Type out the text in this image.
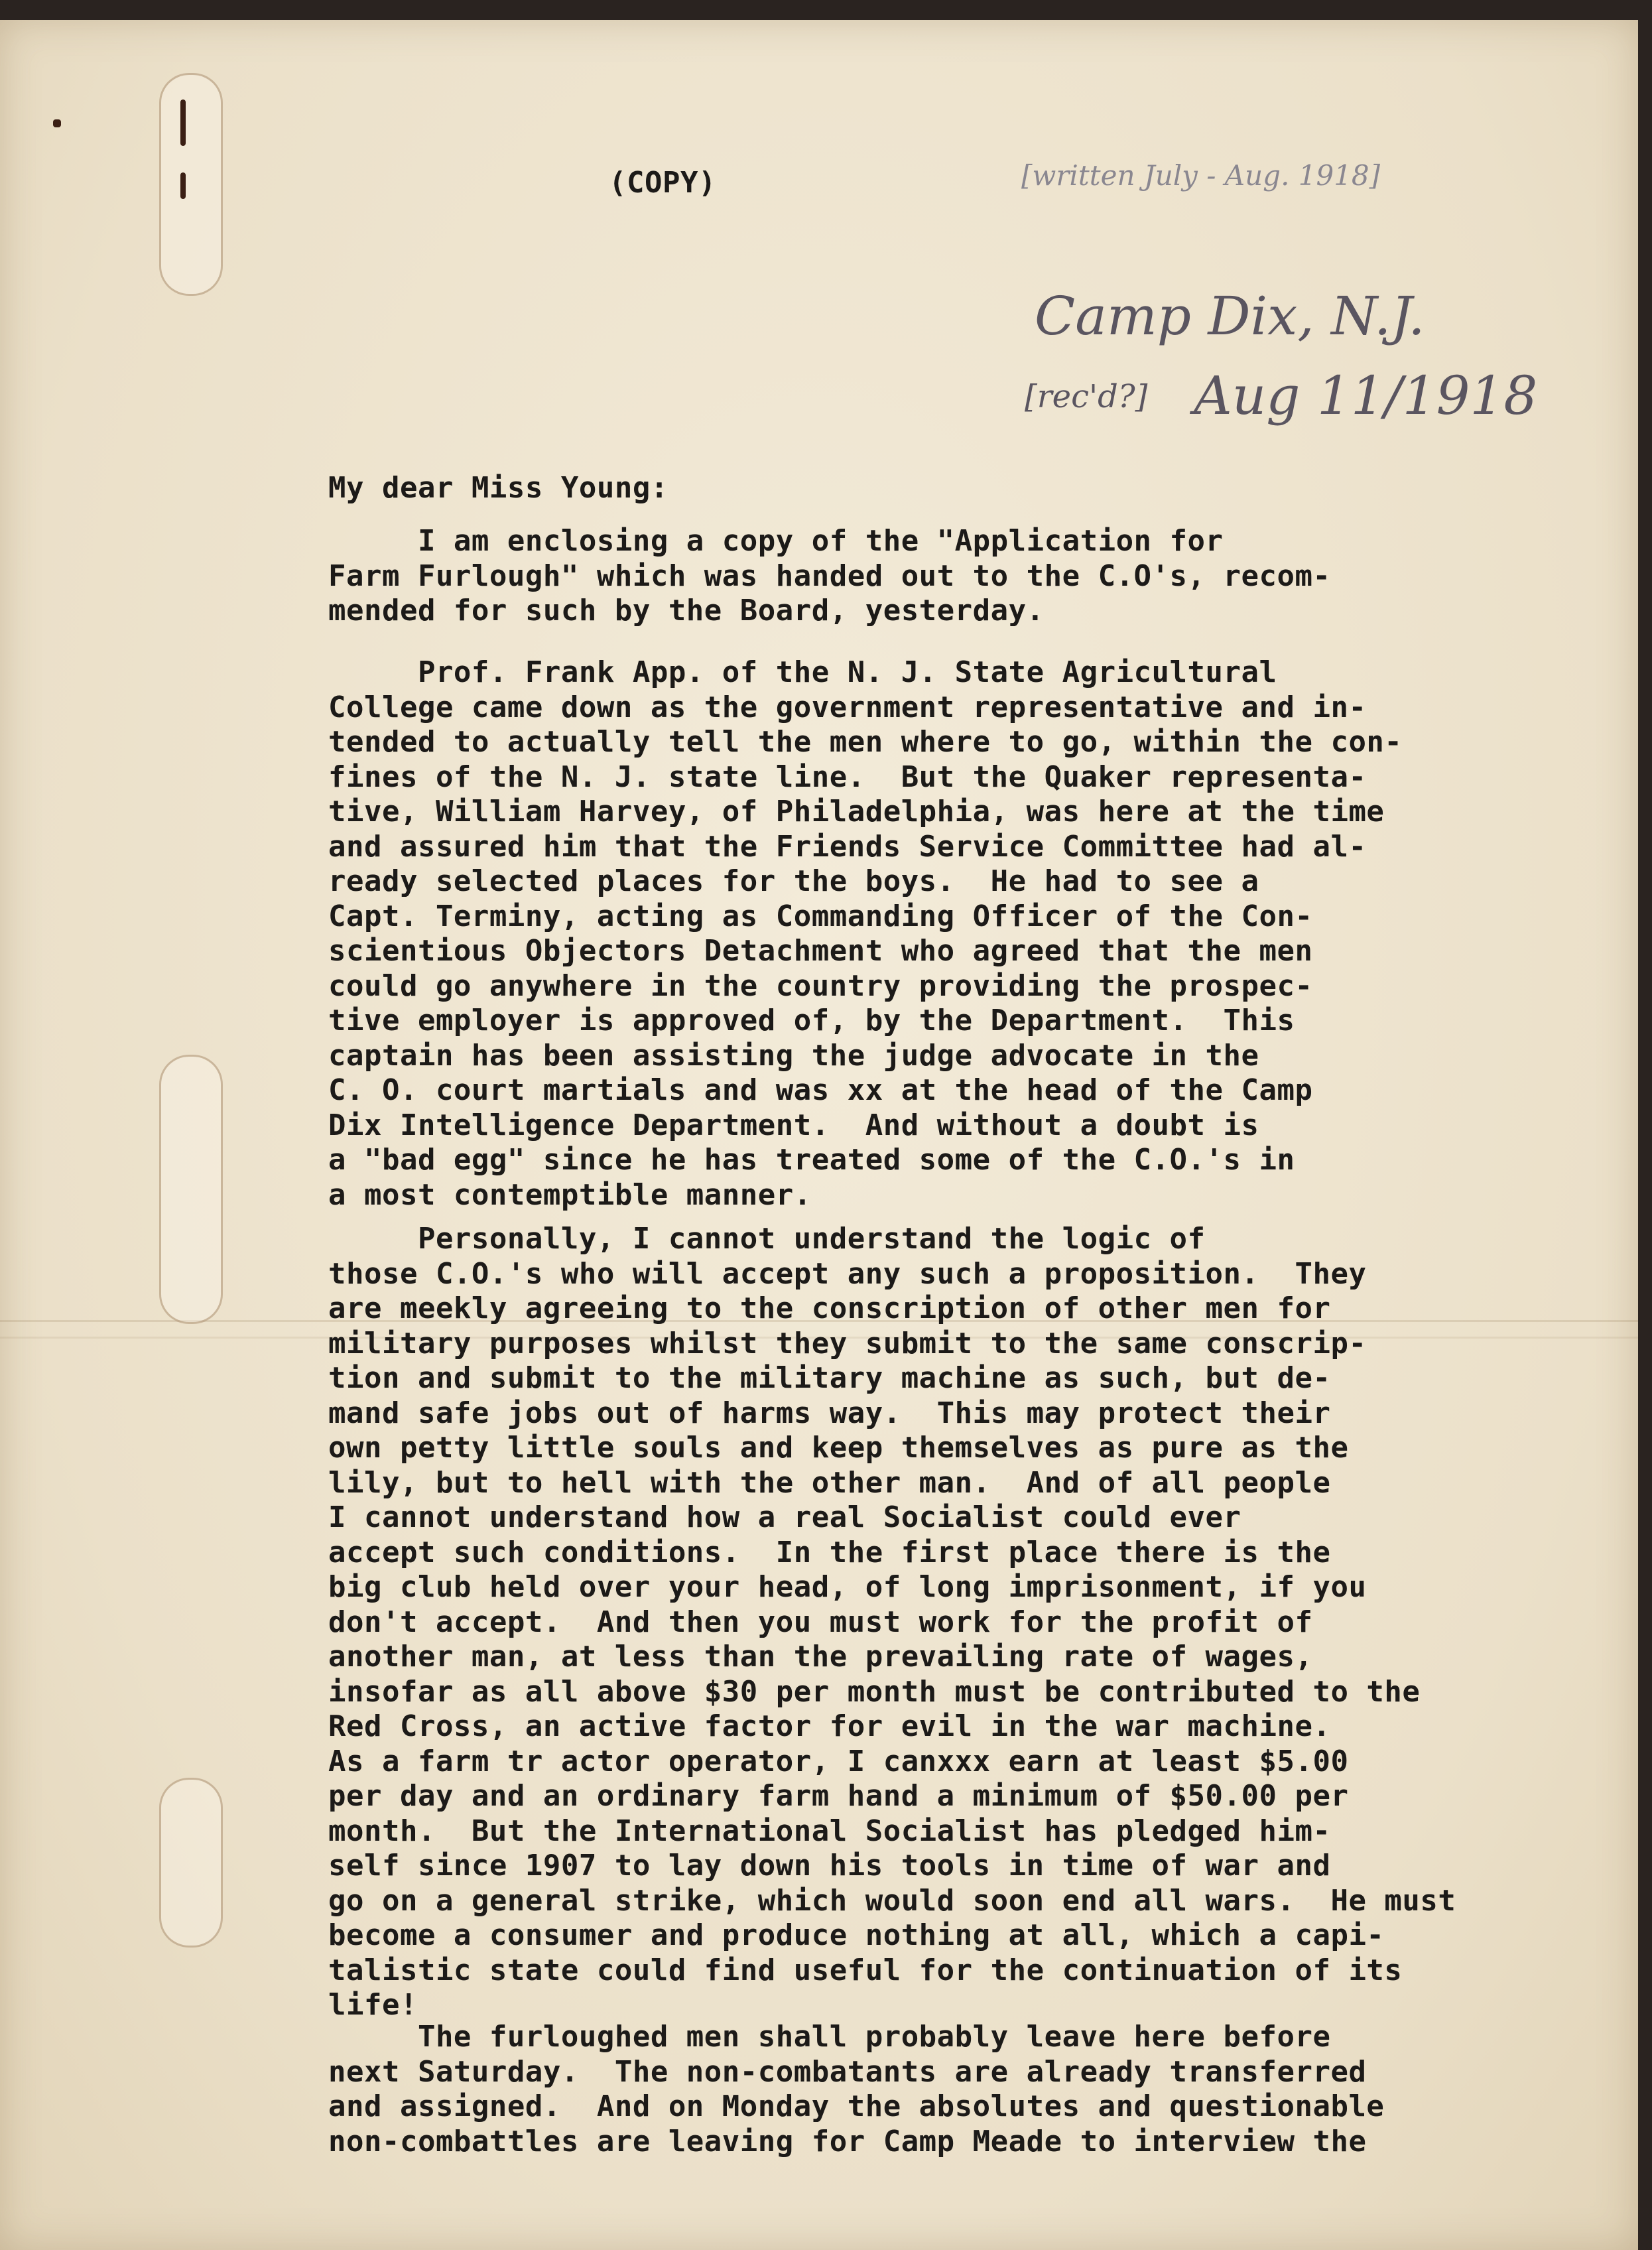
(COPY)	[written July - Aug. 1918]
Camp Dix, N.J.
[rec'd?] Aug 11/1918
My dear Miss Young:
I am enclosing a copy of the "Application for
Farm Furlough" which was handed out to the C.O's, recom-
mended for such by the Board, yesterday.
Prof. Frank App. of the N. J. State Agricultural
College came down as the government representative and in-
tended to actually tell the men where to go, within the con-
fines of the N. J. state line.  But the Quaker representa-
tive, William Harvey, of Philadelphia, was here at the time
and assured him that the Friends Service Committee had al-
ready selected places for the boys.  He had to see a
Capt. Terminy, acting as Commanding Officer of the Con-
scientious Objectors Detachment who agreed that the men
could go anywhere in the country providing the prospec-
tive employer is approved of, by the Department.  This
captain has been assisting the judge advocate in the
C. O. court martials and was xx at the head of the Camp
Dix Intelligence Department.  And without a doubt is
a "bad egg" since he has treated some of the C.O.'s in
a most contemptible manner.
Personally, I cannot understand the logic of
those C.O.'s who will accept any such a proposition.  They
are meekly agreeing to the conscription of other men for
military purposes whilst they submit to the same conscrip-
tion and submit to the military machine as such, but de-
mand safe jobs out of harms way.  This may protect their
own petty little souls and keep themselves as pure as the
lily, but to hell with the other man.  And of all people
I cannot understand how a real Socialist could ever
accept such conditions.  In the first place there is the
big club held over your head, of long imprisonment, if you
don't accept.  And then you must work for the profit of
another man, at less than the prevailing rate of wages,
insofar as all above $30 per month must be contributed to the
Red Cross, an active factor for evil in the war machine.
As a farm tr actor operator, I canxxx earn at least $5.00
per day and an ordinary farm hand a minimum of $50.00 per
month.  But the International Socialist has pledged him-
self since 1907 to lay down his tools in time of war and
go on a general strike, which would soon end all wars.  He must
become a consumer and produce nothing at all, which a capi-
talistic state could find useful for the continuation of its
life!
The furloughed men shall probably leave here before
next Saturday.  The non-combatants are already transferred
and assigned.  And on Monday the absolutes and questionable
non-combattles are leaving for Camp Meade to interview the
